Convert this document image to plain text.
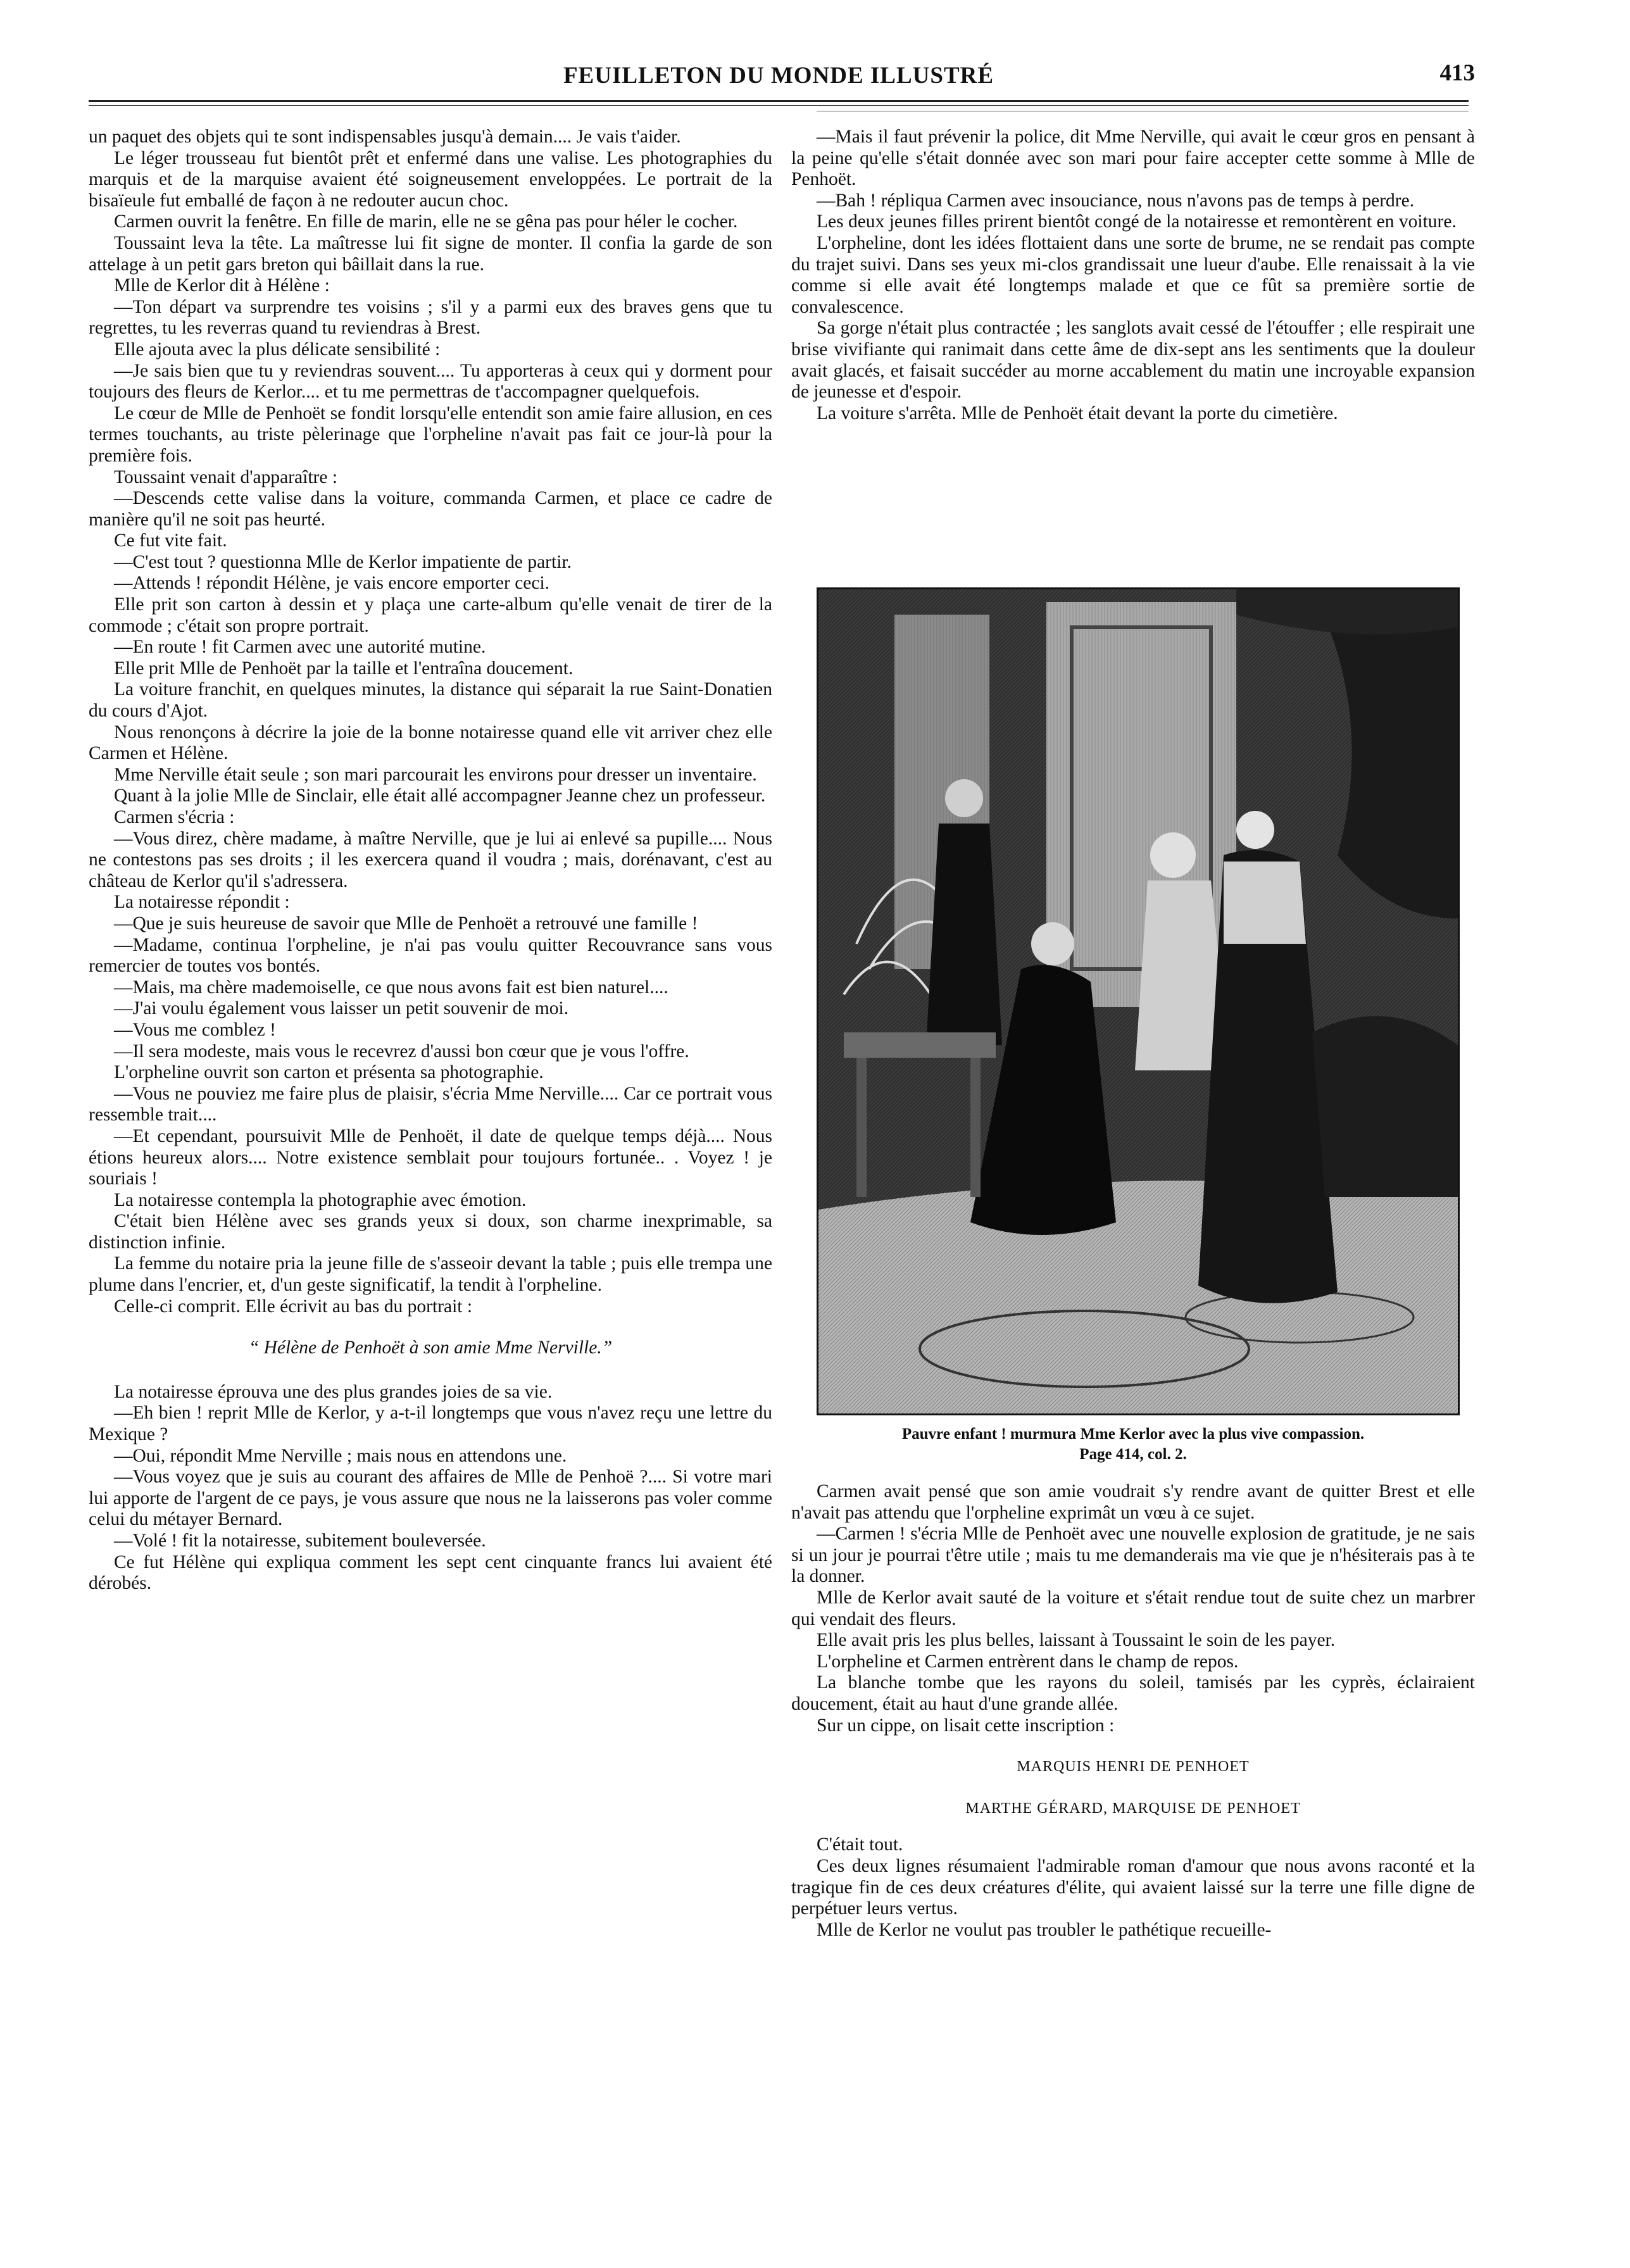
FEUILLETON DU MONDE ILLUSTRÉ	413

un paquet des objets qui te sont indispensables jusqu'à demain.... Je vais t'aider.

Le léger trousseau fut bientôt prêt et enfermé dans une valise. Les photographies du marquis et de la marquise avaient été soigneusement enveloppées. Le portrait de la bisaïeule fut emballé de façon à ne redouter aucun choc.

Carmen ouvrit la fenêtre. En fille de marin, elle ne se gêna pas pour héler le cocher.

Toussaint leva la tête. La maîtresse lui fit signe de monter. Il confia la garde de son attelage à un petit gars breton qui bâillait dans la rue.

Mlle de Kerlor dit à Hélène :

—Ton départ va surprendre tes voisins ; s'il y a parmi eux des braves gens que tu regrettes, tu les reverras quand tu reviendras à Brest.

Elle ajouta avec la plus délicate sensibilité :

—Je sais bien que tu y reviendras souvent.... Tu apporteras à ceux qui y dorment pour toujours des fleurs de Kerlor.... et tu me permettras de t'accompagner quelquefois.

Le cœur de Mlle de Penhoët se fondit lorsqu'elle entendit son amie faire allusion, en ces termes touchants, au triste pèlerinage que l'orpheline n'avait pas fait ce jour-là pour la première fois.

Toussaint venait d'apparaître :

—Descends cette valise dans la voiture, commanda Carmen, et place ce cadre de manière qu'il ne soit pas heurté.

Ce fut vite fait.

—C'est tout ? questionna Mlle de Kerlor impatiente de partir.

—Attends ! répondit Hélène, je vais encore emporter ceci.

Elle prit son carton à dessin et y plaça une carte-album qu'elle venait de tirer de la commode ; c'était son propre portrait.

—En route ! fit Carmen avec une autorité mutine.

Elle prit Mlle de Penhoët par la taille et l'entraîna doucement.

La voiture franchit, en quelques minutes, la distance qui séparait la rue Saint-Donatien du cours d'Ajot.

Nous renonçons à décrire la joie de la bonne notairesse quand elle vit arriver chez elle Carmen et Hélène.

Mme Nerville était seule ; son mari parcourait les environs pour dresser un inventaire.

Quant à la jolie Mlle de Sinclair, elle était allé accompagner Jeanne chez un professeur.

Carmen s'écria :

—Vous direz, chère madame, à maître Nerville, que je lui ai enlevé sa pupille.... Nous ne contestons pas ses droits ; il les exercera quand il voudra ; mais, dorénavant, c'est au château de Kerlor qu'il s'adressera.

La notairesse répondit :

—Que je suis heureuse de savoir que Mlle de Penhoët a retrouvé une famille !

—Madame, continua l'orpheline, je n'ai pas voulu quitter Recouvrance sans vous remercier de toutes vos bontés.

—Mais, ma chère mademoiselle, ce que nous avons fait est bien naturel....

—J'ai voulu également vous laisser un petit souvenir de moi.

—Vous me comblez !

—Il sera modeste, mais vous le recevrez d'aussi bon cœur que je vous l'offre.

L'orpheline ouvrit son carton et présenta sa photographie.

—Vous ne pouviez me faire plus de plaisir, s'écria Mme Nerville.... Car ce portrait vous ressemble trait....

—Et cependant, poursuivit Mlle de Penhoët, il date de quelque temps déjà.... Nous étions heureux alors.... Notre existence semblait pour toujours fortunée.. . Voyez ! je souriais !

La notairesse contempla la photographie avec émotion.

C'était bien Hélène avec ses grands yeux si doux, son charme inexprimable, sa distinction infinie.

La femme du notaire pria la jeune fille de s'asseoir devant la table ; puis elle trempa une plume dans l'encrier, et, d'un geste significatif, la tendit à l'orpheline.

Celle-ci comprit. Elle écrivit au bas du portrait :

“ Hélène de Penhoët à son amie Mme Nerville.”

La notairesse éprouva une des plus grandes joies de sa vie.

—Eh bien ! reprit Mlle de Kerlor, y a-t-il longtemps que vous n'avez reçu une lettre du Mexique ?

—Oui, répondit Mme Nerville ; mais nous en attendons une.

—Vous voyez que je suis au courant des affaires de Mlle de Penhoë ?.... Si votre mari lui apporte de l'argent de ce pays, je vous assure que nous ne la laisserons pas voler comme celui du métayer Bernard.

—Volé ! fit la notairesse, subitement bouleversée.

Ce fut Hélène qui expliqua comment les sept cent cinquante francs lui avaient été dérobés.

—Mais il faut prévenir la police, dit Mme Nerville, qui avait le cœur gros en pensant à la peine qu'elle s'était donnée avec son mari pour faire accepter cette somme à Mlle de Penhoët.

—Bah ! répliqua Carmen avec insouciance, nous n'avons pas de temps à perdre.

Les deux jeunes filles prirent bientôt congé de la notairesse et remontèrent en voiture.

L'orpheline, dont les idées flottaient dans une sorte de brume, ne se rendait pas compte du trajet suivi. Dans ses yeux mi-clos grandissait une lueur d'aube. Elle renaissait à la vie comme si elle avait été longtemps malade et que ce fût sa première sortie de convalescence.

Sa gorge n'était plus contractée ; les sanglots avait cessé de l'étouffer ; elle respirait une brise vivifiante qui ranimait dans cette âme de dix-sept ans les sentiments que la douleur avait glacés, et faisait succéder au morne accablement du matin une incroyable expansion de jeunesse et d'espoir.

La voiture s'arrêta. Mlle de Penhoët était devant la porte du cimetière.

Pauvre enfant ! murmura Mme Kerlor avec la plus vive compassion.
Page 414, col. 2.

Carmen avait pensé que son amie voudrait s'y rendre avant de quitter Brest et elle n'avait pas attendu que l'orpheline exprimât un vœu à ce sujet.

—Carmen ! s'écria Mlle de Penhoët avec une nouvelle explosion de gratitude, je ne sais si un jour je pourrai t'être utile ; mais tu me demanderais ma vie que je n'hésiterais pas à te la donner.

Mlle de Kerlor avait sauté de la voiture et s'était rendue tout de suite chez un marbrer qui vendait des fleurs.

Elle avait pris les plus belles, laissant à Toussaint le soin de les payer.

L'orpheline et Carmen entrèrent dans le champ de repos.

La blanche tombe que les rayons du soleil, tamisés par les cyprès, éclairaient doucement, était au haut d'une grande allée.

Sur un cippe, on lisait cette inscription :

MARQUIS HENRI DE PENHOET

MARTHE GÉRARD, MARQUISE DE PENHOET

C'était tout.

Ces deux lignes résumaient l'admirable roman d'amour que nous avons raconté et la tragique fin de ces deux créatures d'élite, qui avaient laissé sur la terre une fille digne de perpétuer leurs vertus.

Mlle de Kerlor ne voulut pas troubler le pathétique recueille-
